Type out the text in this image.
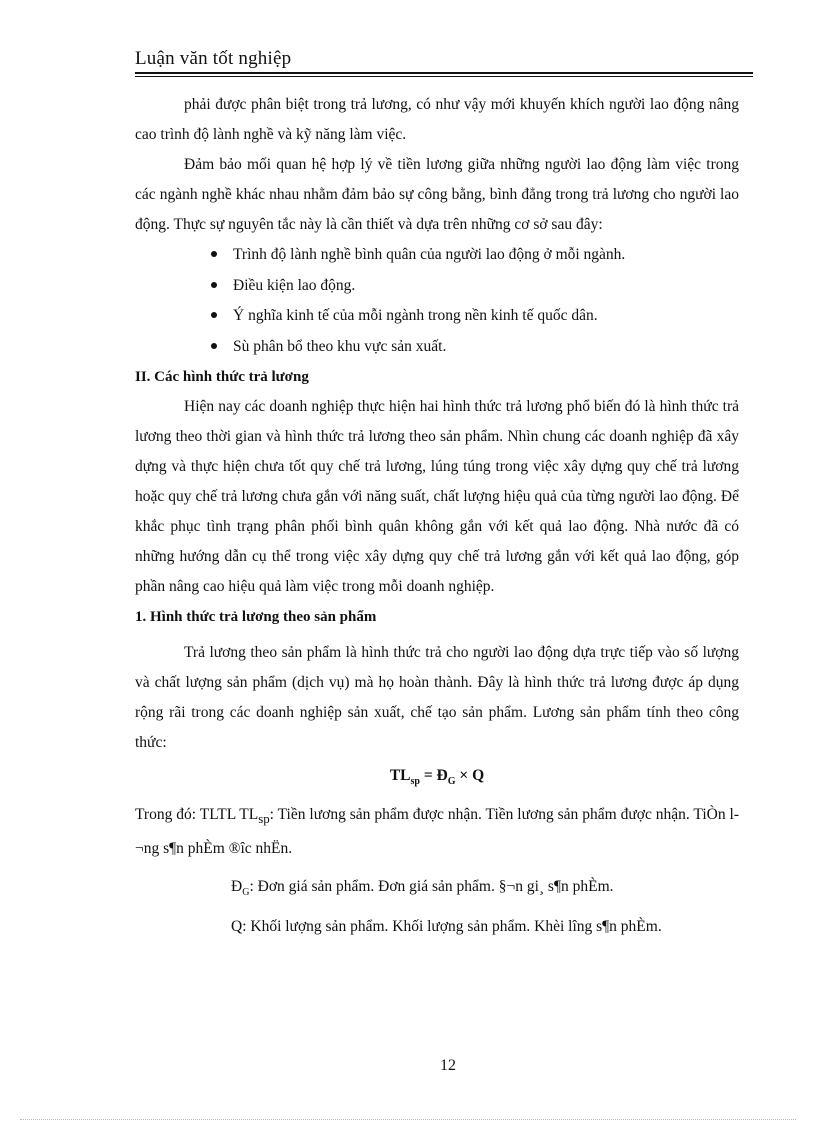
Luận văn tốt nghiệp

phải được phân biệt trong trả lương, có như vậy mới khuyến khích người lao động nâng cao trình độ lành nghề và kỹ năng làm việc.

Đảm bảo mối quan hệ hợp lý về tiền lương giữa những người lao động làm việc trong các ngành nghề khác nhau nhằm đảm bảo sự công bằng, bình đẳng trong trả lương cho người lao động. Thực sự nguyên tắc này là cần thiết và dựa trên những cơ sở sau đây:

Trình độ lành nghề bình quân của người lao động ở mỗi ngành.
Điều kiện lao động.
Ý nghĩa kinh tế của mỗi ngành trong nền kinh tế quốc dân.
Sù phân bổ theo khu vực sản xuất.
II. Các hình thức trả lương

Hiện nay các doanh nghiệp thực hiện hai hình thức trả lương phổ biến đó là hình thức trả lương theo thời gian và hình thức trả lương theo sản phẩm. Nhìn chung các doanh nghiệp đã xây dựng và thực hiện chưa tốt quy chế trả lương, lúng túng trong việc xây dựng quy chế trả lương hoặc quy chế trả lương chưa gắn với năng suất, chất lượng hiệu quả của từng người lao động. Để khắc phục tình trạng phân phối bình quân không gắn với kết quả lao động. Nhà nước đã có những hướng dẫn cụ thể trong việc xây dựng quy chế trả lương gắn với kết quả lao động, góp phần nâng cao hiệu quả làm việc trong mỗi doanh nghiệp.

1. Hình thức trả lương theo sản phẩm

Trả lương theo sản phẩm là hình thức trả cho người lao động dựa trực tiếp vào số lượng và chất lượng sản phẩm (dịch vụ) mà họ hoàn thành. Đây là hình thức trả lương được áp dụng rộng rãi trong các doanh nghiệp sản xuất, chế tạo sản phẩm. Lương sản phẩm tính theo công thức:

$TL_{sp}$ = $Đ_G \times Q$

Trong đó: TLTL $TL_{sp}$: Tiền lương sản phẩm được nhận. Tiền lương sản phẩm được nhận. TiÒn l¬ng s¶n phÈm ®îc nhËn.

$Đ_G$: Đơn giá sản phẩm. Đơn giá sản phẩm. §¬n gi¸ s¶n phÈm.

Q: Khối lượng sản phẩm. Khối lượng sản phẩm. Khèi lîng s¶n phÈm.

12
